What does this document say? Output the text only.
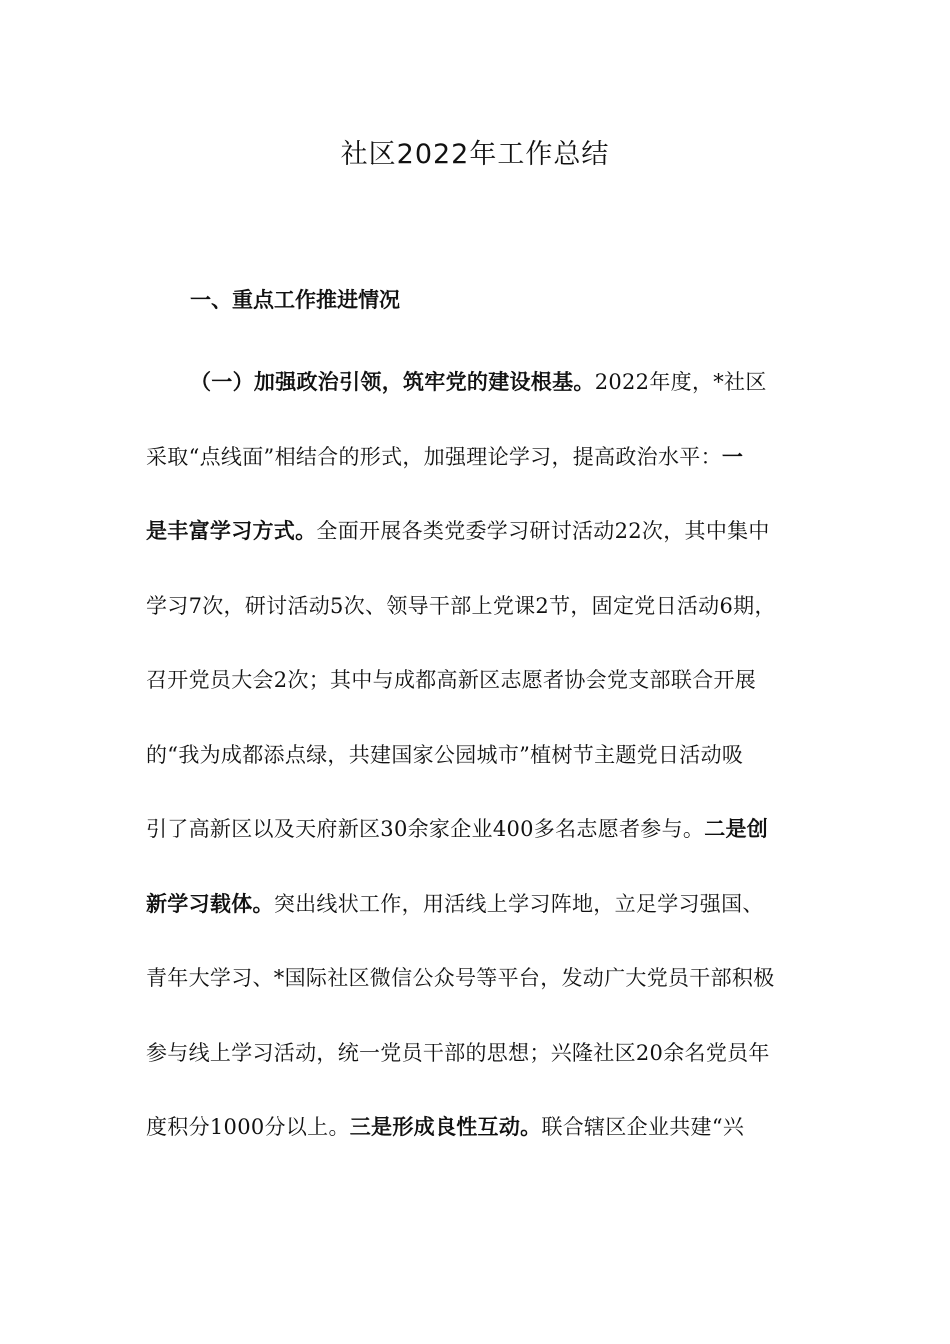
社区2022年工作总结
一、重点工作推进情况
（一）加强政治引领，筑牢党的建设根基。2022年度，*社区
采取“点线面”相结合的形式，加强理论学习，提高政治水平：一
是丰富学习方式。全面开展各类党委学习研讨活动22次，其中集中
学习7次，研讨活动5次、领导干部上党课2节，固定党日活动6期，
召开党员大会2次；其中与成都高新区志愿者协会党支部联合开展
的“我为成都添点绿，共建国家公园城市”植树节主题党日活动吸
引了高新区以及天府新区30余家企业400多名志愿者参与。二是创
新学习载体。突出线状工作，用活线上学习阵地，立足学习强国、
青年大学习、*国际社区微信公众号等平台，发动广大党员干部积极
参与线上学习活动，统一党员干部的思想；兴隆社区20余名党员年
度积分1000分以上。三是形成良性互动。联合辖区企业共建“兴
